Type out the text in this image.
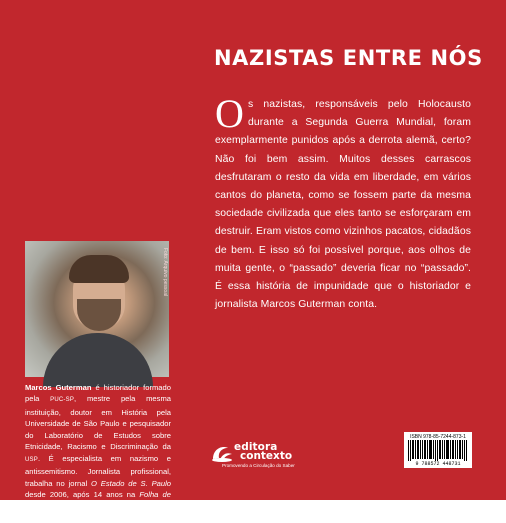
NAZISTAS ENTRE NÓS
Os nazistas, responsáveis pelo Holocausto durante a Segunda Guerra Mundial, foram exemplarmente punidos após a derrota alemã, certo? Não foi bem assim. Muitos desses carrascos desfrutaram o resto da vida em liberdade, em vários cantos do planeta, como se fossem parte da mesma sociedade civilizada que eles tanto se esforçaram em destruir. Eram vistos como vizinhos pacatos, cidadãos de bem. E isso só foi possível porque, aos olhos de muita gente, o “passado” deveria ficar no “passado”. É essa história de impunidade que o historiador e jornalista Marcos Guterman conta.
Foto: Arquivo pessoal
Marcos Guterman é historiador formado pela PUC-SP, mestre pela mesma instituição, doutor em História pela Universidade de São Paulo e pesquisador do Laboratório de Estudos sobre Etnicidade, Racismo e Discriminação da USP. É especialista em nazismo e antissemitismo. Jornalista profissional, trabalha no jornal O Estado de S. Paulo desde 2006, após 14 anos na Folha de S.Paulo. É autor do livro O futebol explica o Brasil, publicado pela Editora Contexto.
editora
contexto
Promovendo a Circulação do Saber
ISBN 978-85-7244-873-1
9 788572 448731
